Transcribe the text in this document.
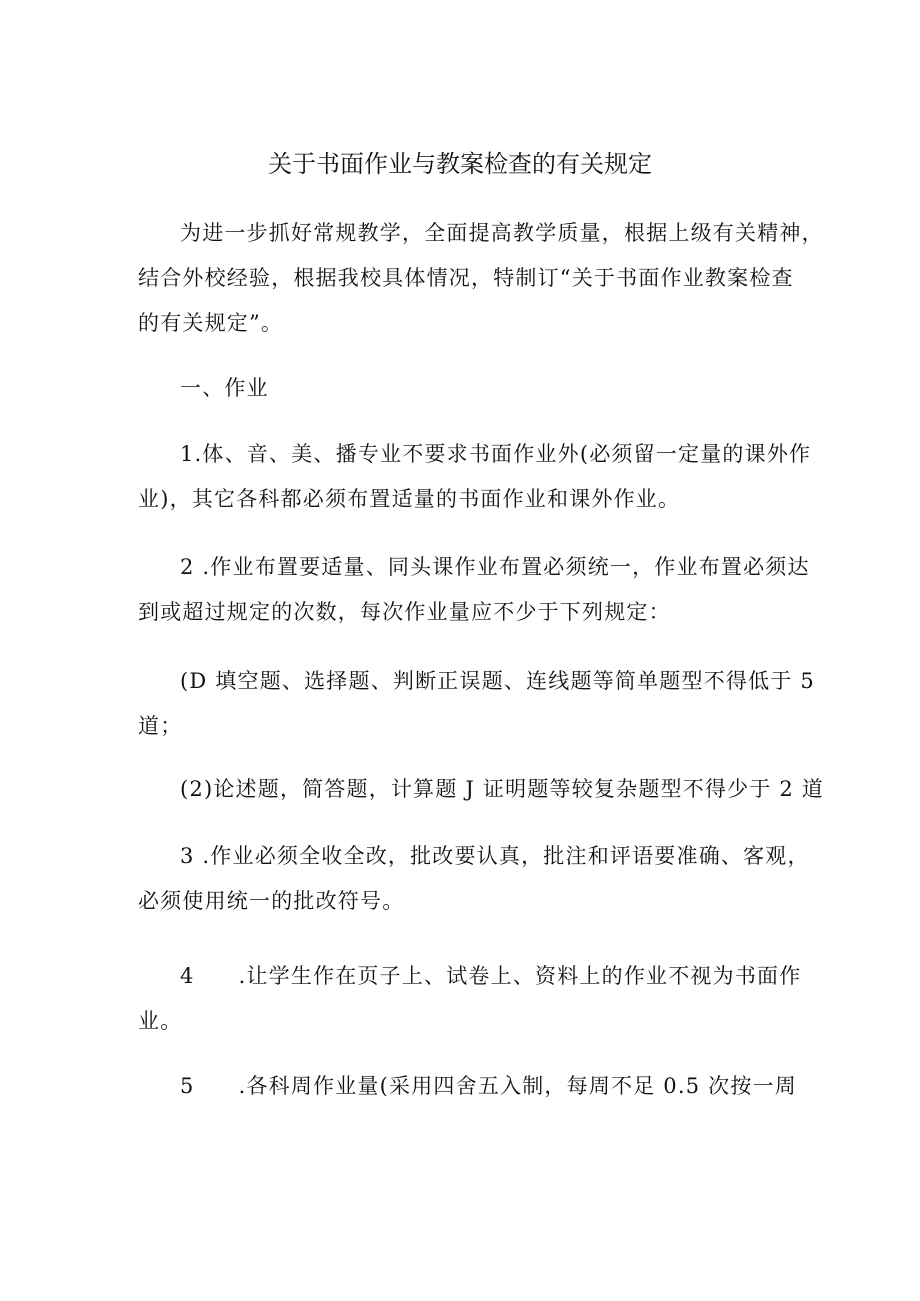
关于书面作业与教案检查的有关规定
为进一步抓好常规教学，全面提高教学质量，根据上级有关精神，
结合外校经验，根据我校具体情况，特制订“关于书面作业教案检查
的有关规定”。
一、作业
1.体、音、美、播专业不要求书面作业外(必须留一定量的课外作
业)，其它各科都必须布置适量的书面作业和课外作业。
2 .作业布置要适量、同头课作业布置必须统一，作业布置必须达
到或超过规定的次数，每次作业量应不少于下列规定：
(D 填空题、选择题、判断正误题、连线题等简单题型不得低于 5
道；
(2)论述题，简答题，计算题 J 证明题等较复杂题型不得少于 2 道
3 .作业必须全收全改，批改要认真，批注和评语要准确、客观，
必须使用统一的批改符号。
4 .让学生作在页子上、试卷上、资料上的作业不视为书面作
业。
5 .各科周作业量(采用四舍五入制，每周不足 0.5 次按一周
